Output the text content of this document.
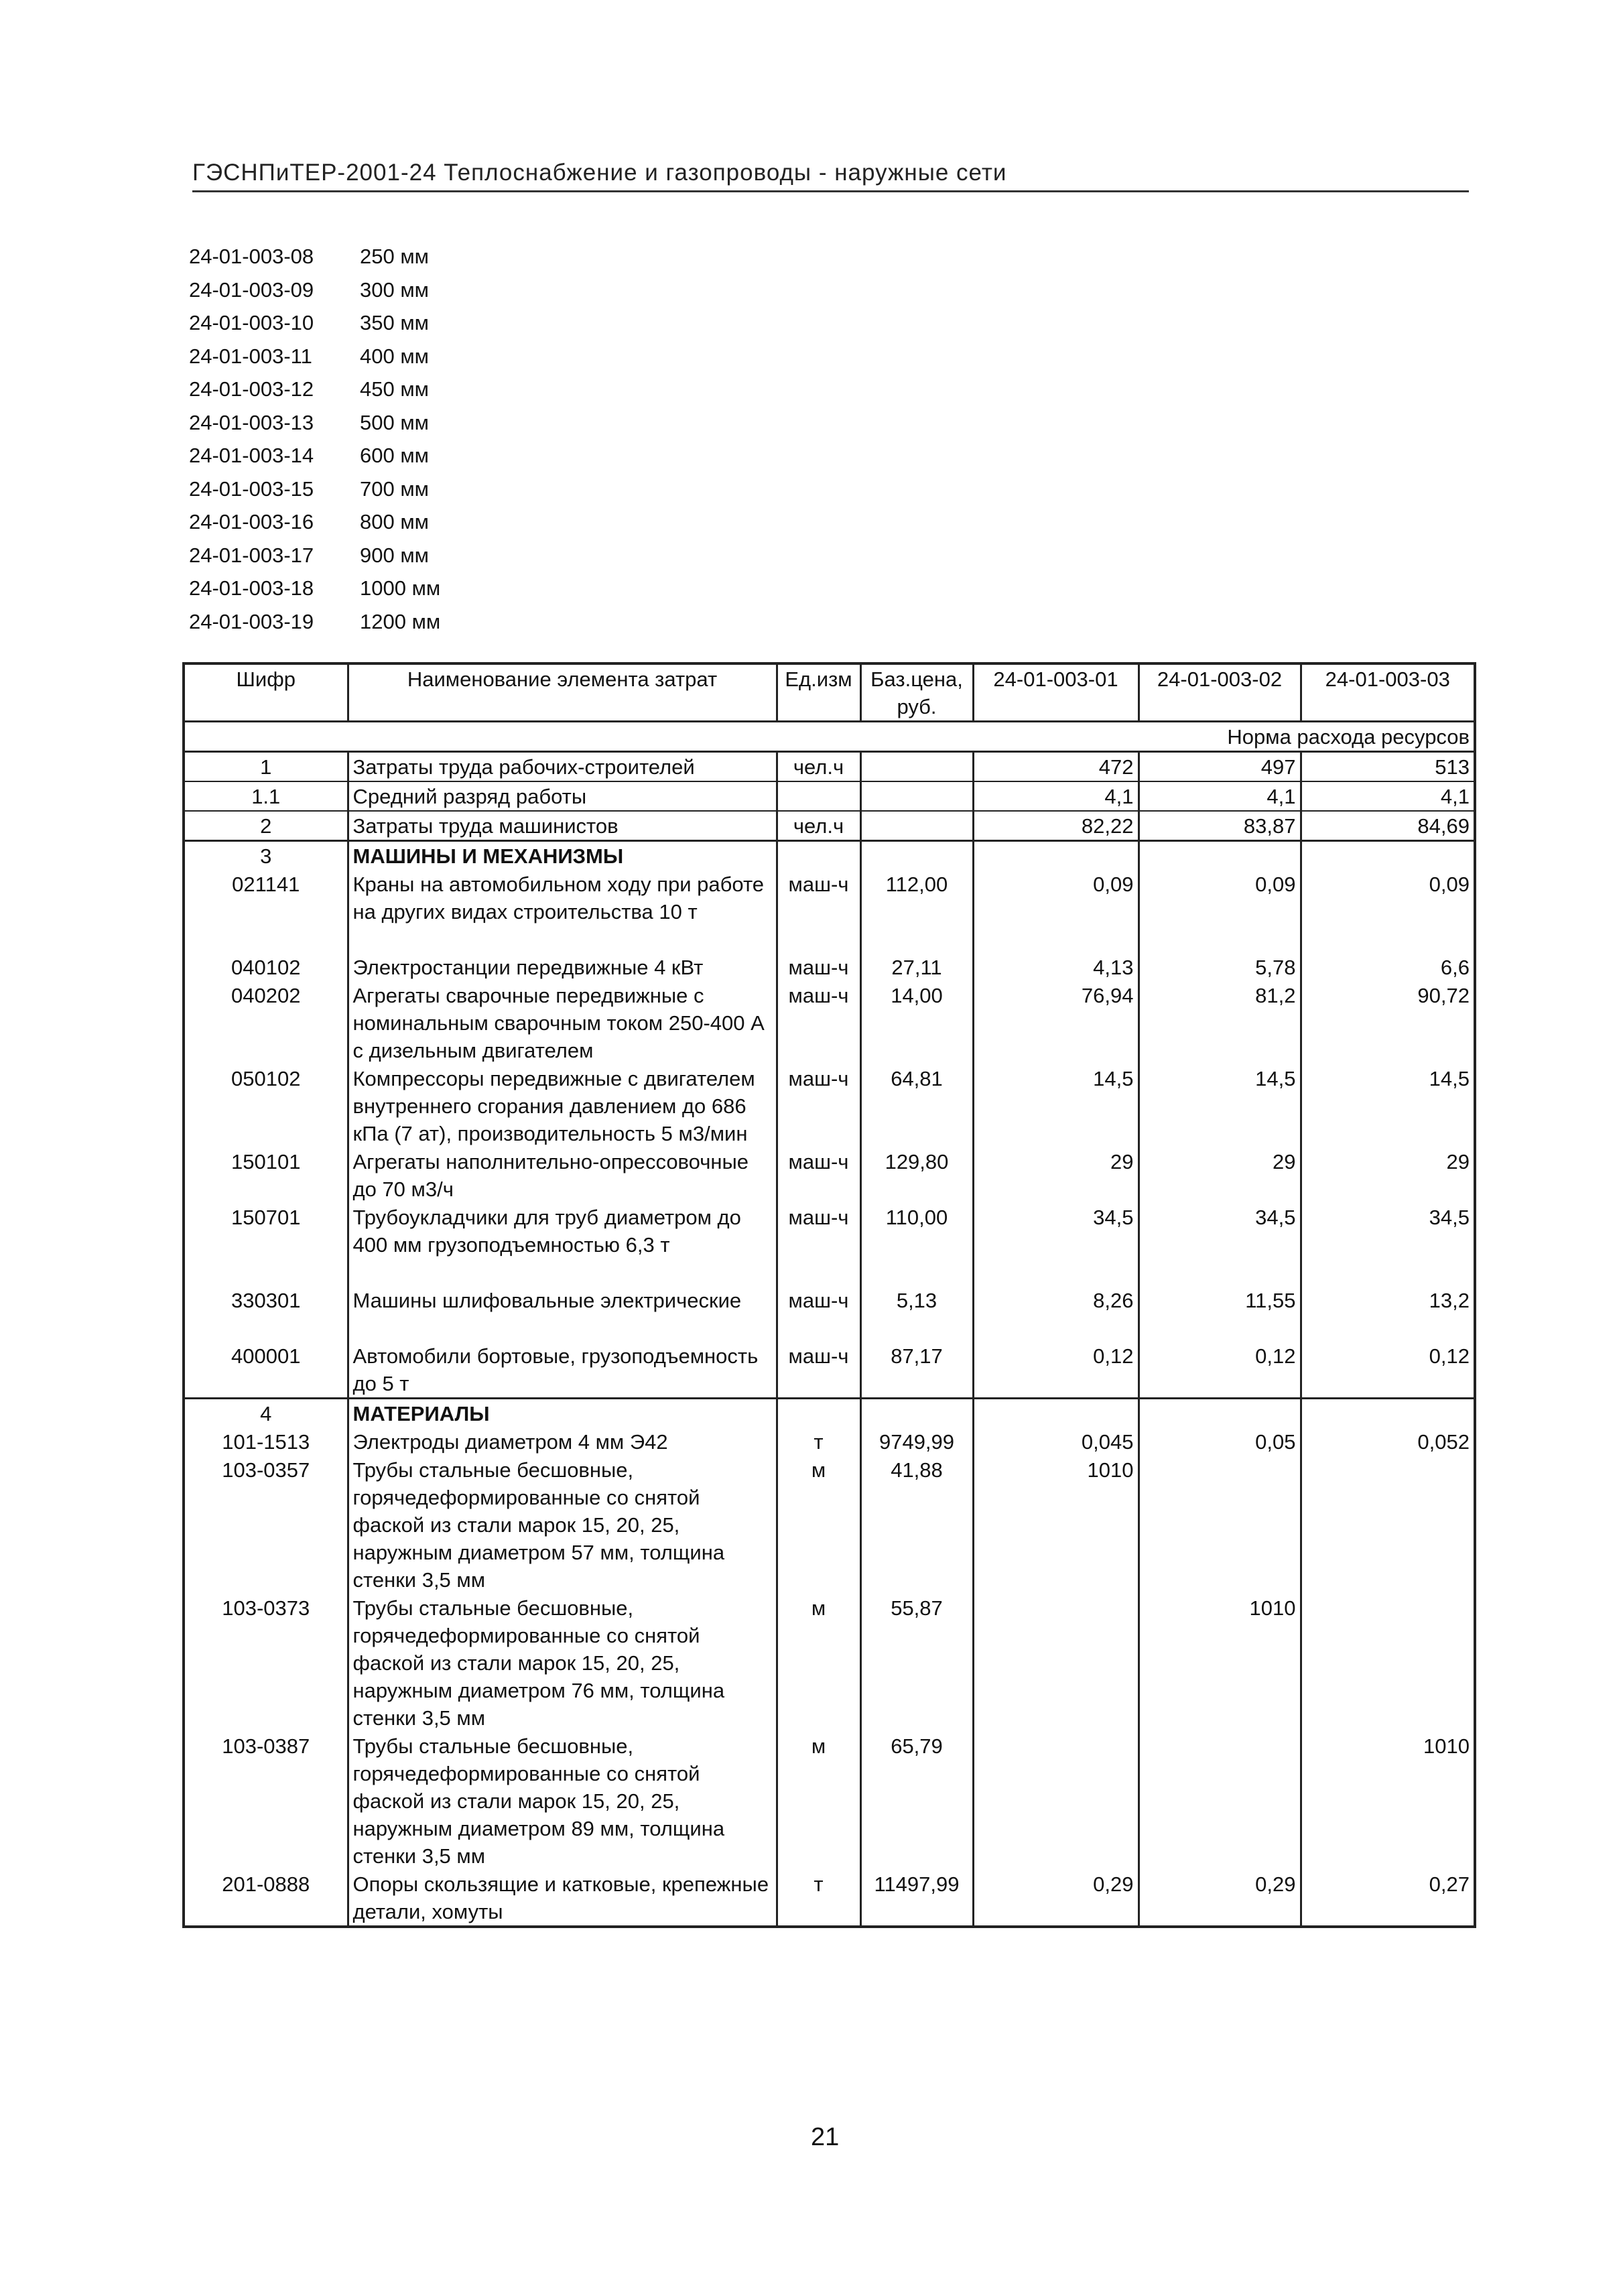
ГЭСНПиТЕР-2001-24 Теплоснабжение и газопроводы - наружные сети
24-01-003-08	250 мм
24-01-003-09	300 мм
24-01-003-10	350 мм
24-01-003-11	400 мм
24-01-003-12	450 мм
24-01-003-13	500 мм
24-01-003-14	600 мм
24-01-003-15	700 мм
24-01-003-16	800 мм
24-01-003-17	900 мм
24-01-003-18	1000 мм
24-01-003-19	1200 мм
Шифр	Наименование элемента затрат	Ед.изм	Баз.цена, руб.	24-01-003-01	24-01-003-02	24-01-003-03
Норма расхода ресурсов						
1	Затраты труда рабочих-строителей	чел.ч		472	497	513
1.1	Средний разряд работы			4,1	4,1	4,1
2	Затраты труда машинистов	чел.ч		82,22	83,87	84,69
3	МАШИНЫ И МЕХАНИЗМЫ					
021141	Краны на автомобильном ходу при работе на других видах строительства 10 т	маш-ч	112,00	0,09	0,09	0,09
040102	Электростанции передвижные 4 кВт	маш-ч	27,11	4,13	5,78	6,6
040202	Агрегаты сварочные передвижные с номинальным сварочным током 250-400 А с дизельным двигателем	маш-ч	14,00	76,94	81,2	90,72
050102	Компрессоры передвижные с двигателем внутреннего сгорания давлением до 686 кПа (7 ат), производительность 5 м3/мин	маш-ч	64,81	14,5	14,5	14,5
150101	Агрегаты наполнительно-опрессовочные до 70 м3/ч	маш-ч	129,80	29	29	29
150701	Трубоукладчики для труб диаметром до 400 мм грузоподъемностью 6,3 т	маш-ч	110,00	34,5	34,5	34,5
330301	Машины шлифовальные электрические	маш-ч	5,13	8,26	11,55	13,2
400001	Автомобили бортовые, грузоподъемность до 5 т	маш-ч	87,17	0,12	0,12	0,12
4	МАТЕРИАЛЫ					
101-1513	Электроды диаметром 4 мм Э42	т	9749,99	0,045	0,05	0,052
103-0357	Трубы стальные бесшовные, горячедеформированные со снятой фаской из стали марок 15, 20, 25, наружным диаметром 57 мм, толщина стенки 3,5 мм	м	41,88	1010		
103-0373	Трубы стальные бесшовные, горячедеформированные со снятой фаской из стали марок 15, 20, 25, наружным диаметром 76 мм, толщина стенки 3,5 мм	м	55,87		1010	
103-0387	Трубы стальные бесшовные, горячедеформированные со снятой фаской из стали марок 15, 20, 25, наружным диаметром 89 мм, толщина стенки 3,5 мм	м	65,79			1010
201-0888	Опоры скользящие и катковые, крепежные детали, хомуты	т	11497,99	0,29	0,29	0,27
21
